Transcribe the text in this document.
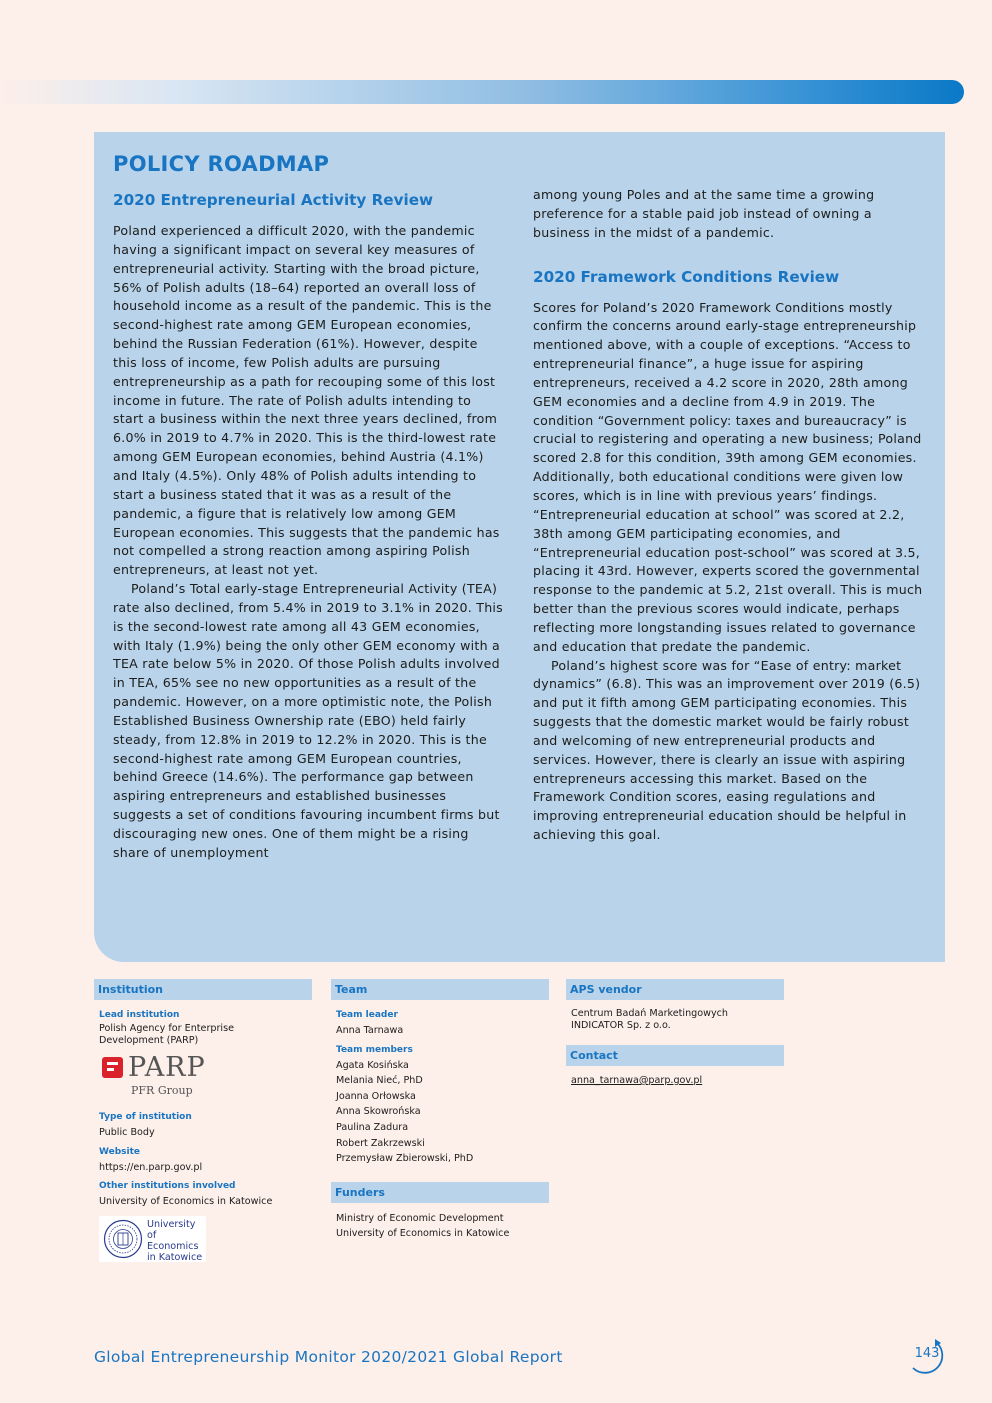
POLICY ROADMAP
2020 Entrepreneurial Activity Review

Poland experienced a difficult 2020, with the pandemic having a significant impact on several key measures of entrepreneurial activity. Starting with the broad picture, 56% of Polish adults (18–64) reported an overall loss of household income as a result of the pandemic. This is the second-highest rate among GEM European economies, behind the Russian Federation (61%). However, despite this loss of income, few Polish adults are pursuing entrepreneurship as a path for recouping some of this lost income in future. The rate of Polish adults intending to start a business within the next three years declined, from 6.0% in 2019 to 4.7% in 2020. This is the third-lowest rate among GEM European economies, behind Austria (4.1%) and Italy (4.5%). Only 48% of Polish adults intending to start a business stated that it was as a result of the pandemic, a figure that is relatively low among GEM European economies. This suggests that the pandemic has not compelled a strong reaction among aspiring Polish entrepreneurs, at least not yet.

Poland’s Total early-stage Entrepreneurial Activity (TEA) rate also declined, from 5.4% in 2019 to 3.1% in 2020. This is the second-lowest rate among all 43 GEM economies, with Italy (1.9%) being the only other GEM economy with a TEA rate below 5% in 2020. Of those Polish adults involved in TEA, 65% see no new opportunities as a result of the pandemic. However, on a more optimistic note, the Polish Established Business Ownership rate (EBO) held fairly steady, from 12.8% in 2019 to 12.2% in 2020. This is the second-highest rate among GEM European countries, behind Greece (14.6%). The performance gap between aspiring entrepreneurs and established businesses suggests a set of conditions favouring incumbent firms but discouraging new ones. One of them might be a rising share of unemployment

among young Poles and at the same time a growing preference for a stable paid job instead of owning a business in the midst of a pandemic.

2020 Framework Conditions Review

Scores for Poland’s 2020 Framework Conditions mostly confirm the concerns around early-stage entrepreneurship mentioned above, with a couple of exceptions. “Access to entrepreneurial finance”, a huge issue for aspiring entrepreneurs, received a 4.2 score in 2020, 28th among GEM economies and a decline from 4.9 in 2019. The condition “Government policy: taxes and bureaucracy” is crucial to registering and operating a new business; Poland scored 2.8 for this condition, 39th among GEM economies. Additionally, both educational conditions were given low scores, which is in line with previous years’ findings. “Entrepreneurial education at school” was scored at 2.2, 38th among GEM participating economies, and “Entrepreneurial education post-school” was scored at 3.5, placing it 43rd. However, experts scored the governmental response to the pandemic at 5.2, 21st overall. This is much better than the previous scores would indicate, perhaps reflecting more longstanding issues related to governance and education that predate the pandemic.

Poland’s highest score was for “Ease of entry: market dynamics” (6.8). This was an improvement over 2019 (6.5) and put it fifth among GEM participating economies. This suggests that the domestic market would be fairly robust and welcoming of new entrepreneurial products and services. However, there is clearly an issue with aspiring entrepreneurs accessing this market. Based on the Framework Condition scores, easing regulations and improving entrepreneurial education should be helpful in achieving this goal.

Institution
Lead institution
Polish Agency for Enterprise Development (PARP)
PARP
PFR Group
Type of institution
Public Body
Website
https://en.parp.gov.pl
Other institutions involved
University of Economics in Katowice
University
of Economics
in Katowice
Team
Team leader
Anna Tarnawa
Team members
Agata Kosińska
Melania Nieć, PhD
Joanna Orłowska
Anna Skowrońska
Paulina Zadura
Robert Zakrzewski
Przemysław Zbierowski, PhD
Funders
Ministry of Economic Development
University of Economics in Katowice
APS vendor
Centrum Badań Marketingowych INDICATOR Sp. z o.o.
Contact
anna_tarnawa@parp.gov.pl
Global Entrepreneurship Monitor 2020/2021 Global Report	143
